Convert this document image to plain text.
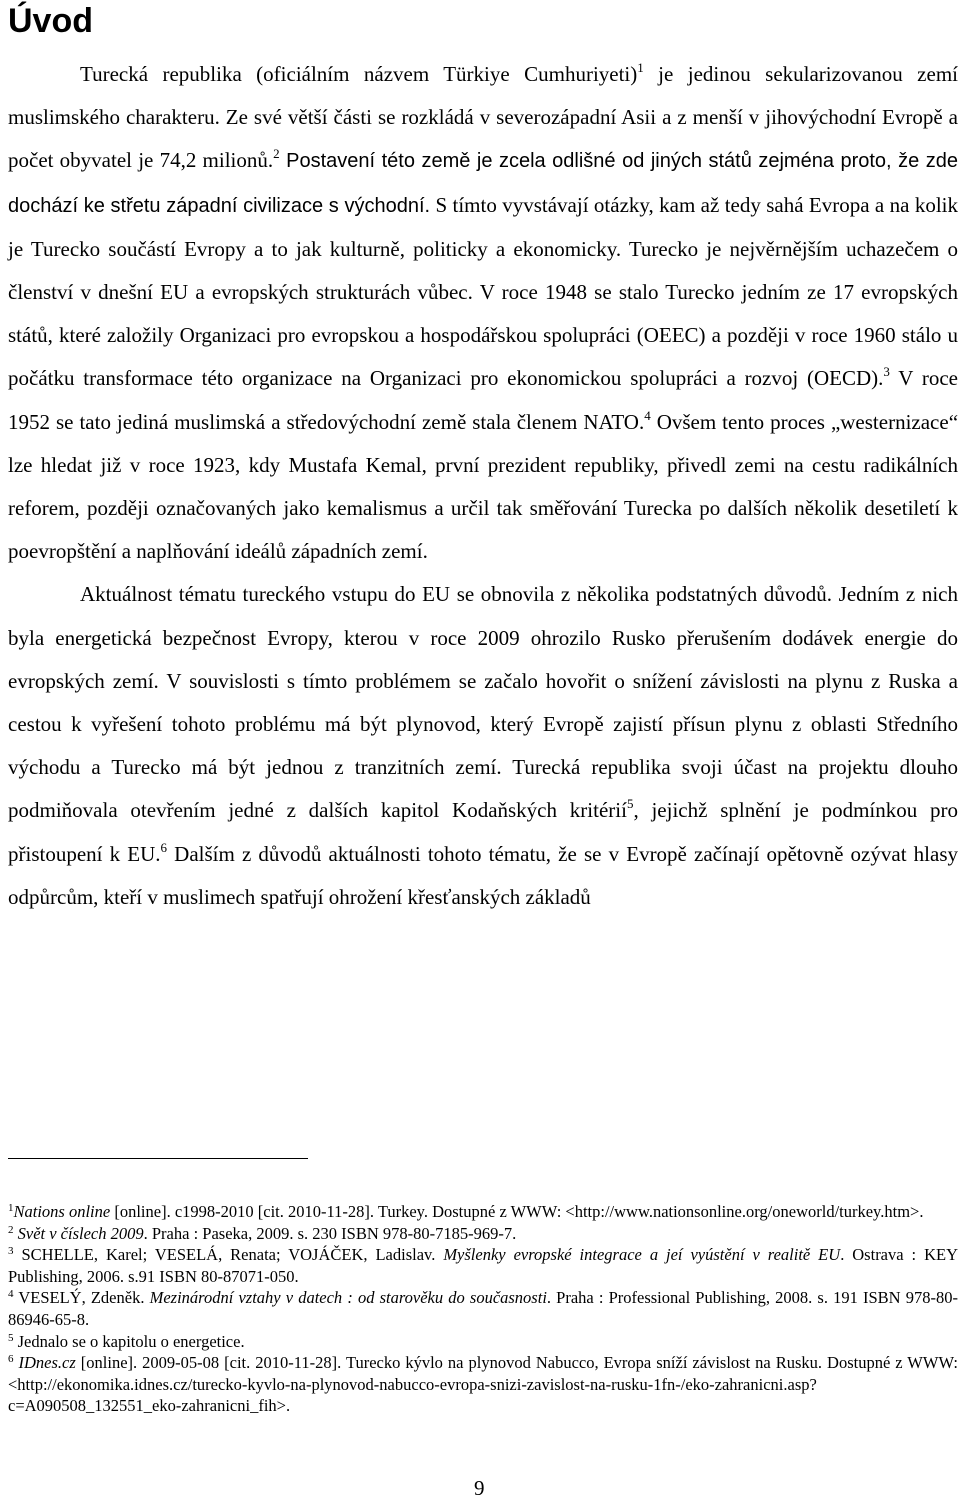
Úvod

Turecká republika (oficiálním názvem Türkiye Cumhuriyeti)$^1$ je jedinou sekularizovanou zemí muslimského charakteru. Ze své větší části se rozkládá v severozápadní Asii a z menší v jihovýchodní Evropě a počet obyvatel je 74,2 milionů.$^2$ Postavení této země je zcela odlišné od jiných států zejména proto, že zde dochází ke střetu západní civilizace s východní. S tímto vyvstávají otázky, kam až tedy sahá Evropa a na kolik je Turecko součástí Evropy a to jak kulturně, politicky a ekonomicky. Turecko je nejvěrnějším uchazečem o členství v dnešní EU a evropských strukturách vůbec. V roce 1948 se stalo Turecko jedním ze 17 evropských států, které založily Organizaci pro evropskou a hospodářskou spolupráci (OEEC) a později v roce 1960 stálo u počátku transformace této organizace na Organizaci pro ekonomickou spolupráci a rozvoj (OECD).$^3$ V roce 1952 se tato jediná muslimská a středovýchodní země stala členem NATO.$^4$ Ovšem tento proces „westernizace“ lze hledat již v roce 1923, kdy Mustafa Kemal, první prezident republiky, přivedl zemi na cestu radikálních reforem, později označovaných jako kemalismus a určil tak směřování Turecka po dalších několik desetiletí k poevropštění a naplňování ideálů západních zemí.

Aktuálnost tématu tureckého vstupu do EU se obnovila z několika podstatných důvodů. Jedním z nich byla energetická bezpečnost Evropy, kterou v roce 2009 ohrozilo Rusko přerušením dodávek energie do evropských zemí. V souvislosti s tímto problémem se začalo hovořit o snížení závislosti na plynu z Ruska a cestou k vyřešení tohoto problému má být plynovod, který Evropě zajistí přísun plynu z oblasti Středního východu a Turecko má být jednou z tranzitních zemí. Turecká republika svoji účast na projektu dlouho podmiňovala otevřením jedné z dalších kapitol Kodaňských kritérií$^5$, jejichž splnění je podmínkou pro přistoupení k EU.$^6$ Dalším z důvodů aktuálnosti tohoto tématu, že se v Evropě začínají opětovně ozývat hlasy odpůrcům, kteří v muslimech spatřují ohrožení křesťanských základů

$^1$Nations online [online]. c1998-2010 [cit. 2010-11-28]. Turkey. Dostupné z WWW: <http://www.nationsonline.org/oneworld/turkey.htm>.

$^2$ Svět v číslech 2009. Praha : Paseka, 2009. s. 230 ISBN 978-80-7185-969-7.

$^3$ SCHELLE, Karel; VESELÁ, Renata; VOJÁČEK, Ladislav. Myšlenky evropské integrace a jeí vyústění v realitě EU. Ostrava : KEY Publishing, 2006. s.91 ISBN 80-87071-050.

$^4$ VESELÝ, Zdeněk. Mezinárodní vztahy v datech : od starověku do současnosti. Praha : Professional Publishing, 2008. s. 191 ISBN 978-80-86946-65-8.

$^5$ Jednalo se o kapitolu o energetice.

$^6$ IDnes.cz [online]. 2009-05-08 [cit. 2010-11-28]. Turecko kývlo na plynovod Nabucco, Evropa sníží závislost na Rusku. Dostupné z WWW: <http://ekonomika.idnes.cz/turecko-kyvlo-na-plynovod-nabucco-evropa-snizi-zavislost-na-rusku-1fn-/eko-zahranicni.asp?c=A090508_132551_eko-zahranicni_fih>.

9
